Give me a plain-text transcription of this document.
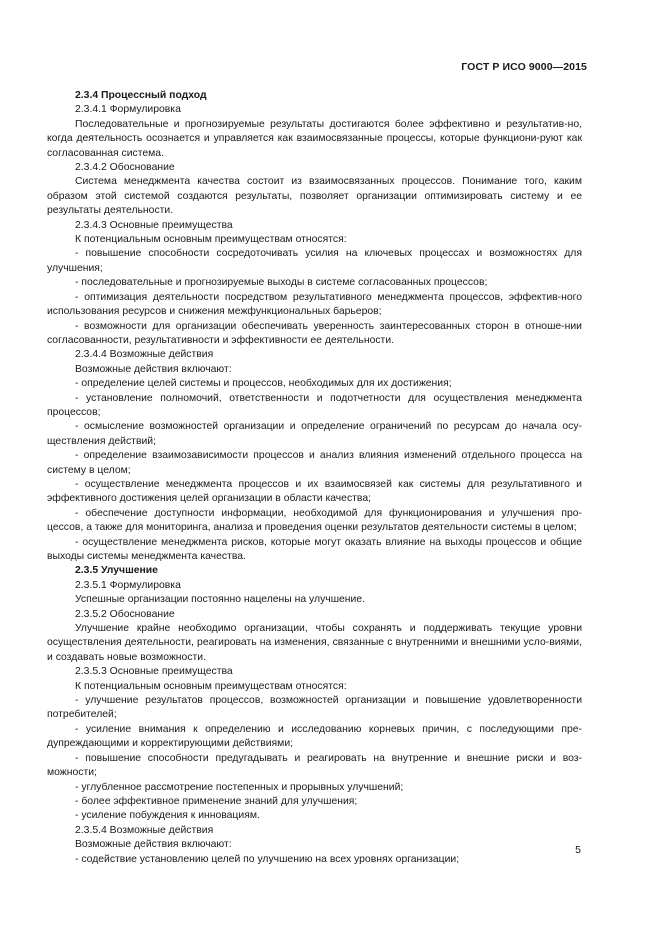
ГОСТ Р ИСО 9000—2015

2.3.4 Процессный подход

2.3.4.1 Формулировка

Последовательные и прогнозируемые результаты достигаются более эффективно и результатив-но, когда деятельность осознается и управляется как взаимосвязанные процессы, которые функциони-руют как согласованная система.

2.3.4.2 Обоснование

Система менеджмента качества состоит из взаимосвязанных процессов. Понимание того, каким образом этой системой создаются результаты, позволяет организации оптимизировать систему и ее результаты деятельности.

2.3.4.3 Основные преимущества

К потенциальным основным преимуществам относятся:

- повышение способности сосредоточивать усилия на ключевых процессах и возможностях для улучшения;

- последовательные и прогнозируемые выходы в системе согласованных процессов;

- оптимизация деятельности посредством результативного менеджмента процессов, эффектив-ного использования ресурсов и снижения межфункциональных барьеров;

- возможности для организации обеспечивать уверенность заинтересованных сторон в отноше-нии согласованности, результативности и эффективности ее деятельности.

2.3.4.4 Возможные действия

Возможные действия включают:

- определение целей системы и процессов, необходимых для их достижения;

- установление полномочий, ответственности и подотчетности для осуществления менеджмента процессов;

- осмысление возможностей организации и определение ограничений по ресурсам до начала осу-ществления действий;

- определение взаимозависимости процессов и анализ влияния изменений отдельного процесса на систему в целом;

- осуществление менеджмента процессов и их взаимосвязей как системы для результативного и эффективного достижения целей организации в области качества;

- обеспечение доступности информации, необходимой для функционирования и улучшения про-цессов, а также для мониторинга, анализа и проведения оценки результатов деятельности системы в целом;

- осуществление менеджмента рисков, которые могут оказать влияние на выходы процессов и общие выходы системы менеджмента качества.

2.3.5 Улучшение

2.3.5.1 Формулировка

Успешные организации постоянно нацелены на улучшение.

2.3.5.2 Обоснование

Улучшение крайне необходимо организации, чтобы сохранять и поддерживать текущие уровни осуществления деятельности, реагировать на изменения, связанные с внутренними и внешними усло-виями, и создавать новые возможности.

2.3.5.3 Основные преимущества

К потенциальным основным преимуществам относятся:

- улучшение результатов процессов, возможностей организации и повышение удовлетворенности потребителей;

- усиление внимания к определению и исследованию корневых причин, с последующими пре-дупреждающими и корректирующими действиями;

- повышение способности предугадывать и реагировать на внутренние и внешние риски и воз-можности;

- углубленное рассмотрение постепенных и прорывных улучшений;

- более эффективное применение знаний для улучшения;

- усиление побуждения к инновациям.

2.3.5.4 Возможные действия

Возможные действия включают:

- содействие установлению целей по улучшению на всех уровнях организации;

5
